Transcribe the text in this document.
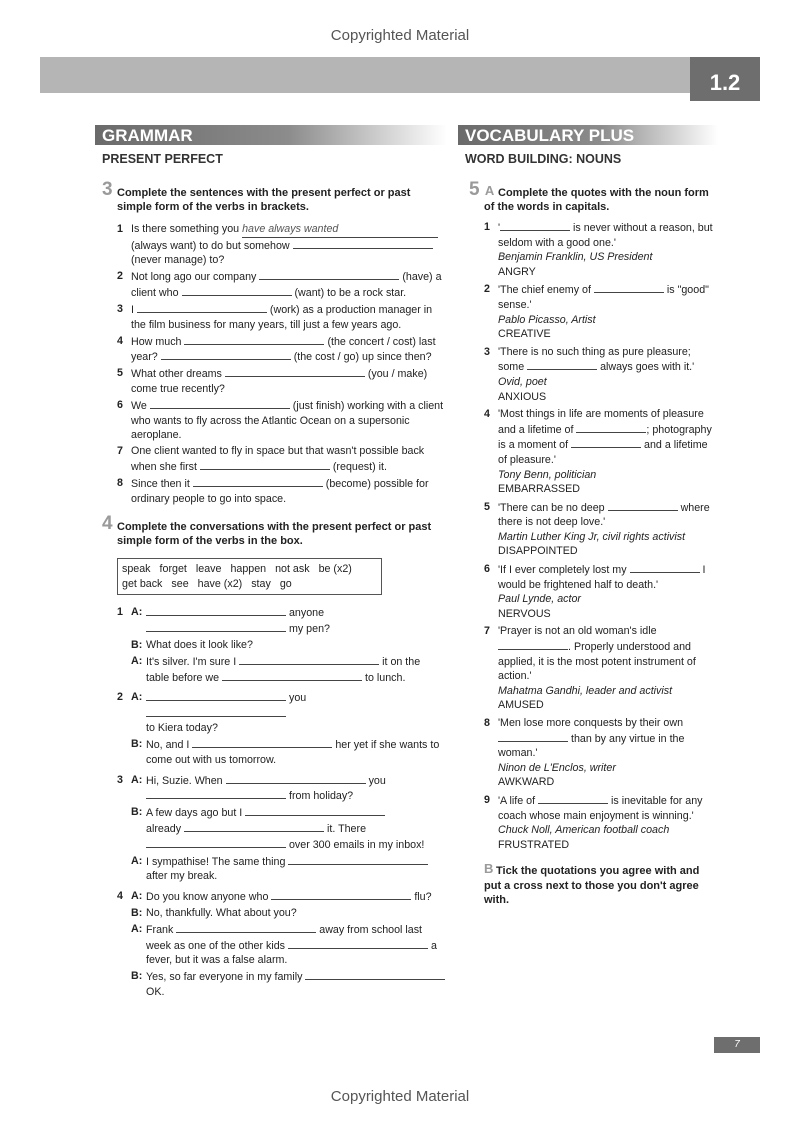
Copyrighted Material
1.2
GRAMMAR
PRESENT PERFECT
3 Complete the sentences with the present perfect or past simple form of the verbs in brackets.
1 Is there something you have always wanted (always want) to do but somehow  (never manage) to?
2 Not long ago our company	(have) a client who	(want) to be a rock star.
3 I	(work) as a production manager in the film business for many years, till just a few years ago.
4 How much	(the concert / cost) last year?	(the cost / go) up since then?
5 What other dreams	(you / make) come true recently?
6 We	(just finish) working with a client who wants to fly across the Atlantic Ocean on a supersonic aeroplane.
7 One client wanted to fly in space but that wasn't possible back when she first	(request) it.
8 Since then it	(become) possible for ordinary people to go into space.
4 Complete the conversations with the present perfect or past simple form of the verbs in the box.
speak forget leave happen not ask be (x2)
get back see have (x2) stay go
1 A:	anyone
my pen?
B: What does it look like?
A: It's silver. I'm sure I	it on the
table before we	to lunch.
2 A:	you
to Kiera today?
B: No, and I	her yet if she wants to come out with us tomorrow.
3 A: Hi, Suzie. When	you
from holiday?
B: A few days ago but I
already	it. There
over 300 emails in my inbox!
A: I sympathise! The same thing
after my break.
4 A: Do you know anyone who	flu?
B: No, thankfully. What about you?
A: Frank	away from school last week as one of the other kids	a fever, but it was a false alarm.
B: Yes, so far everyone in my family
OK.
VOCABULARY PLUS
WORD BUILDING: NOUNS
5 A Complete the quotes with the noun form of the words in capitals.
1 '	is never without a reason, but seldom with a good one.'
Benjamin Franklin, US President
ANGRY
2 'The chief enemy of	is "good" sense.'
Pablo Picasso, Artist
CREATIVE
3 'There is no such thing as pure pleasure; some	always goes with it.'
Ovid, poet
ANXIOUS
4 'Most things in life are moments of pleasure and a lifetime of	; photography is a moment of	and a lifetime of pleasure.'
Tony Benn, politician
EMBARRASSED
5 'There can be no deep	where there is not deep love.'
Martin Luther King Jr, civil rights activist
DISAPPOINTED
6 'If I ever completely lost my	I would be frightened half to death.'
Paul Lynde, actor
NERVOUS
7 'Prayer is not an old woman's idle . Properly understood and applied, it is the most potent instrument of action.'
Mahatma Gandhi, leader and activist
AMUSED
8 'Men lose more conquests by their own  than by any virtue in the woman.'
Ninon de L'Enclos, writer
AWKWARD
9 'A life of	is inevitable for any coach whose main enjoyment is winning.'
Chuck Noll, American football coach
FRUSTRATED
B Tick the quotations you agree with and put a cross next to those you don't agree with.
7
Copyrighted Material
